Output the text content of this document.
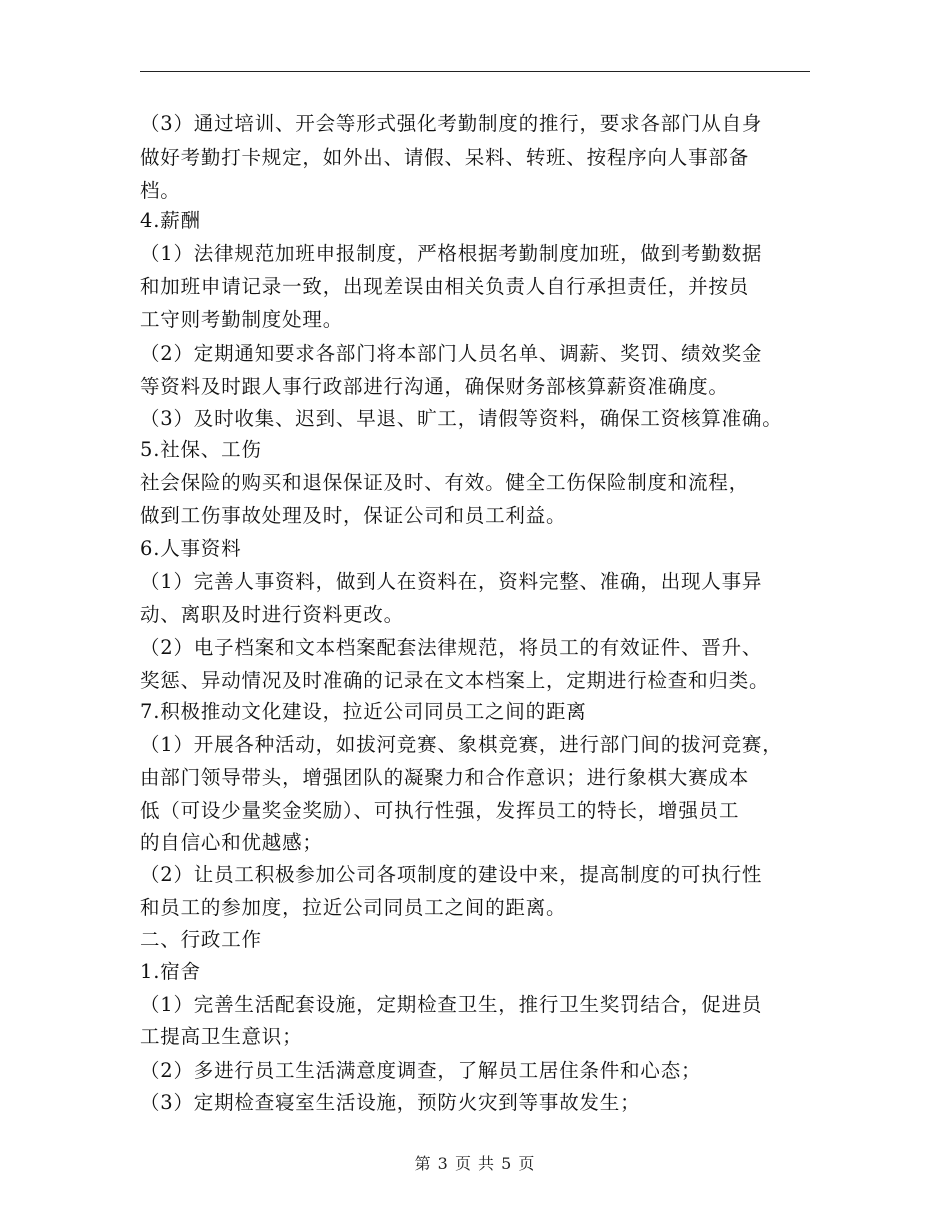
（3）通过培训、开会等形式强化考勤制度的推行，要求各部门从自身
做好考勤打卡规定，如外出、请假、呆料、转班、按程序向人事部备
档。
4.薪酬
（1）法律规范加班申报制度，严格根据考勤制度加班，做到考勤数据
和加班申请记录一致，出现差误由相关负责人自行承担责任，并按员
工守则考勤制度处理。
（2）定期通知要求各部门将本部门人员名单、调薪、奖罚、绩效奖金
等资料及时跟人事行政部进行沟通，确保财务部核算薪资准确度。
（3）及时收集、迟到、早退、旷工，请假等资料，确保工资核算准确。
5.社保、工伤
社会保险的购买和退保保证及时、有效。健全工伤保险制度和流程，
做到工伤事故处理及时，保证公司和员工利益。
6.人事资料
（1）完善人事资料，做到人在资料在，资料完整、准确，出现人事异
动、离职及时进行资料更改。
（2）电子档案和文本档案配套法律规范，将员工的有效证件、晋升、
奖惩、异动情况及时准确的记录在文本档案上，定期进行检查和归类。
7.积极推动文化建设，拉近公司同员工之间的距离
（1）开展各种活动，如拔河竞赛、象棋竞赛，进行部门间的拔河竞赛，
由部门领导带头，增强团队的凝聚力和合作意识；进行象棋大赛成本
低（可设少量奖金奖励）、可执行性强，发挥员工的特长，增强员工
的自信心和优越感；
（2）让员工积极参加公司各项制度的建设中来，提高制度的可执行性
和员工的参加度，拉近公司同员工之间的距离。
二、行政工作
1.宿舍
（1）完善生活配套设施，定期检查卫生，推行卫生奖罚结合，促进员
工提高卫生意识；
（2）多进行员工生活满意度调查，了解员工居住条件和心态；
（3）定期检查寝室生活设施，预防火灾到等事故发生；
第 3 页 共 5 页
